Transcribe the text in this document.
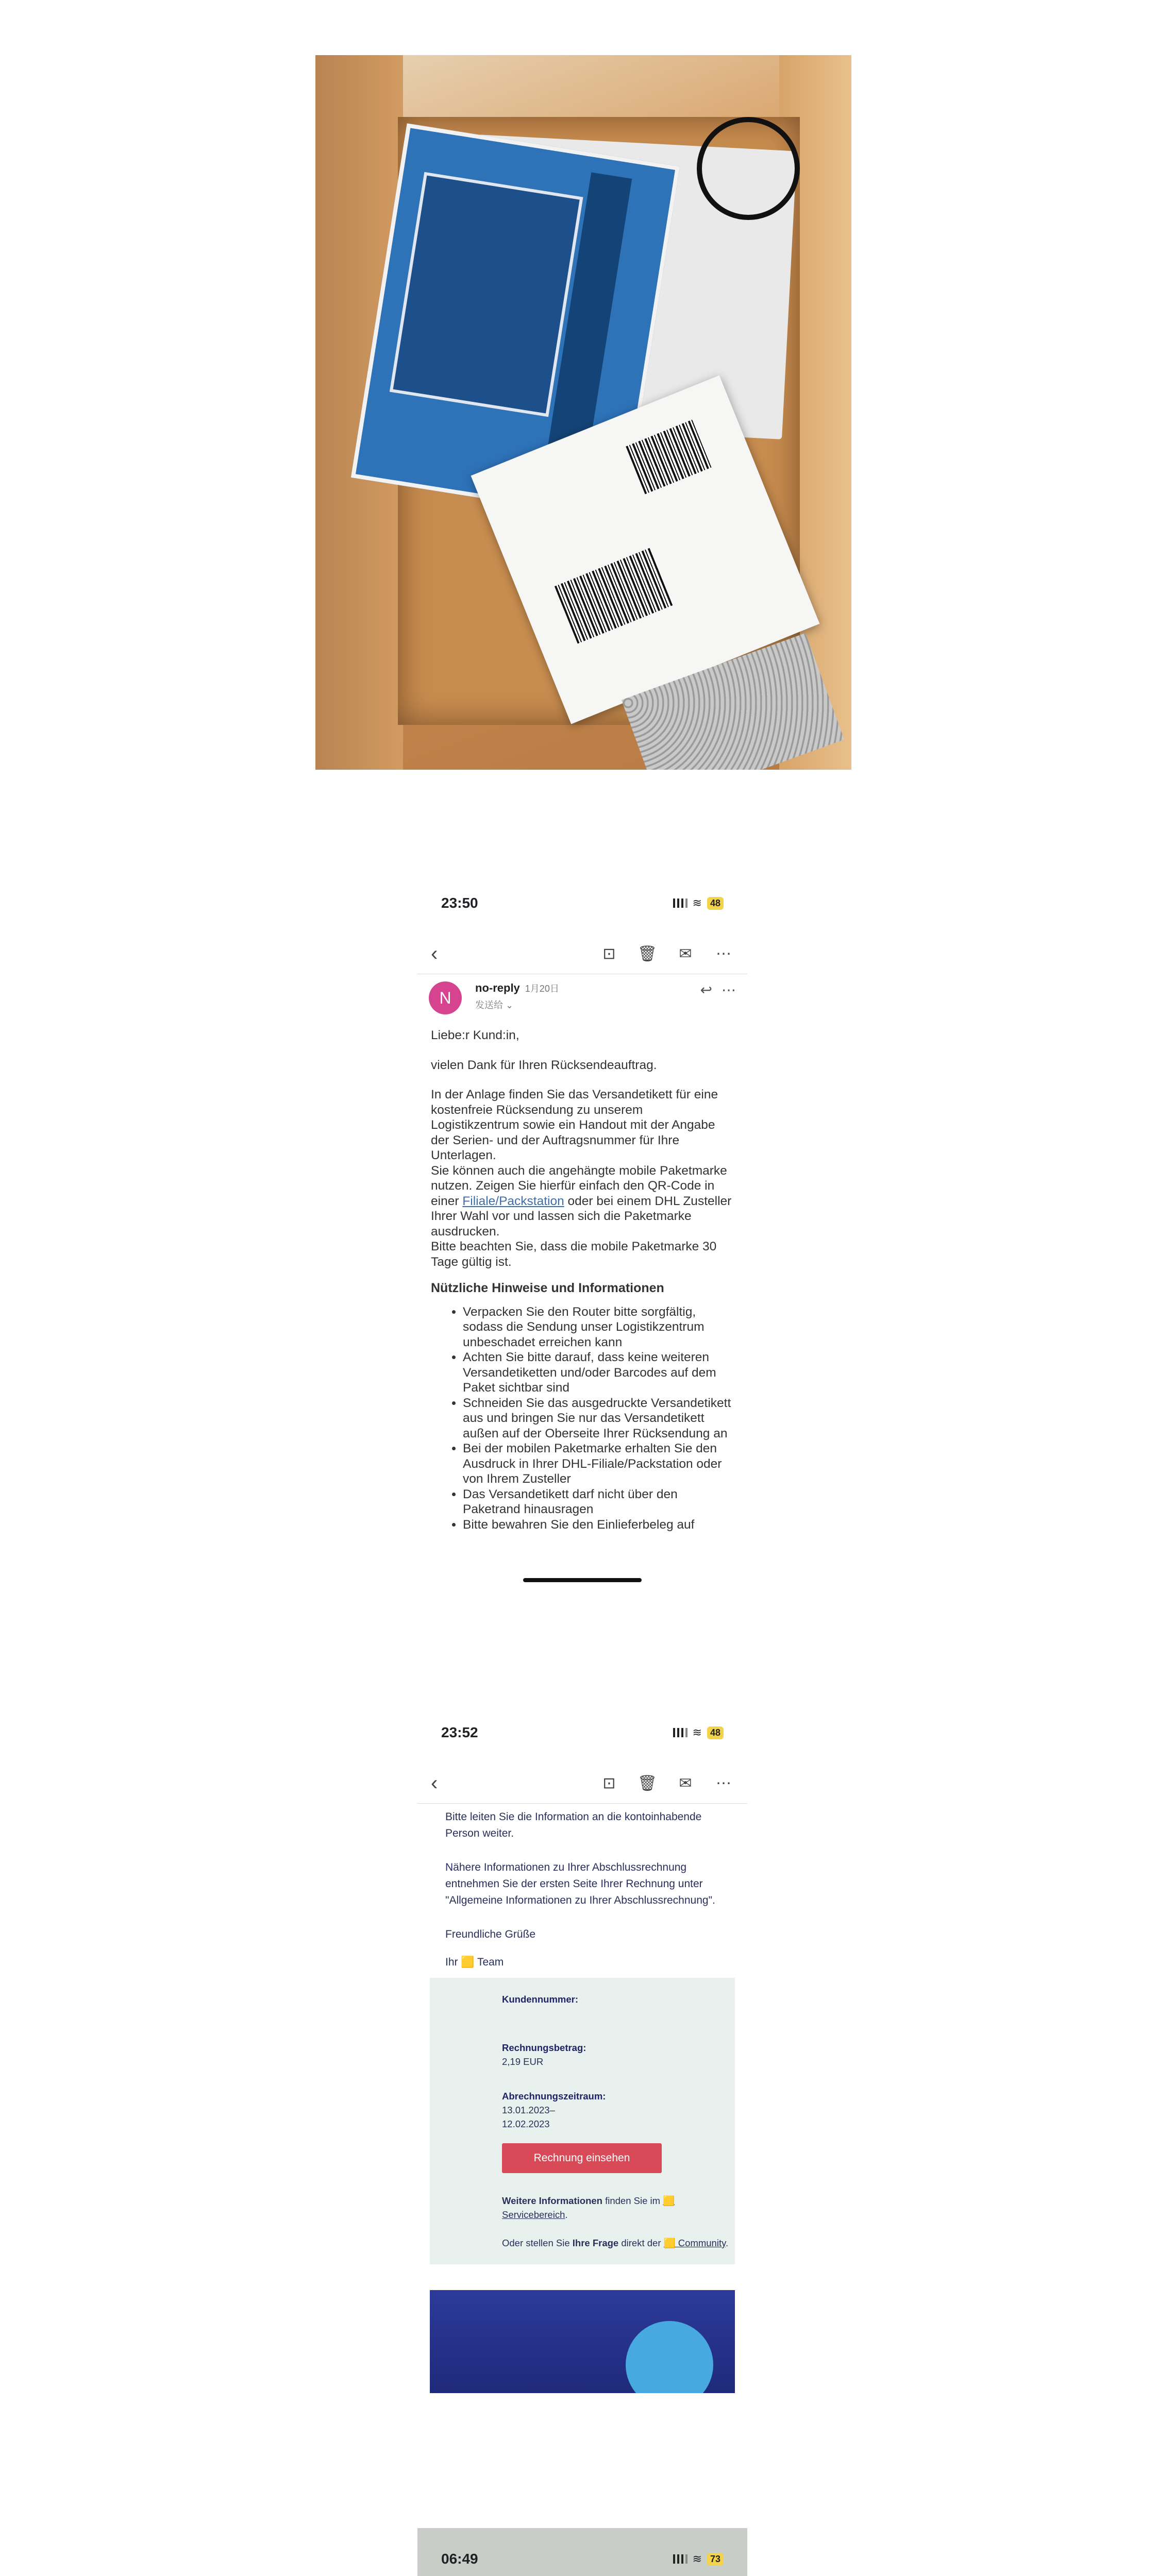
23:50	≋ 48
‹	⊡ 🗑 ✉ ⋯
N
no-reply 1月20日
发送给 ⌄
↩ ⋯

Liebe:r Kund:in,

vielen Dank für Ihren Rücksendeauftrag.

In der Anlage finden Sie das Versandetikett für eine kostenfreie Rücksendung zu unserem Logistikzentrum sowie ein Handout mit der Angabe der Serien- und der Auftragsnummer für Ihre Unterlagen.
Sie können auch die angehängte mobile Paketmarke nutzen. Zeigen Sie hierfür einfach den QR-Code in einer Filiale/Packstation oder bei einem DHL Zusteller Ihrer Wahl vor und lassen sich die Paketmarke ausdrucken.
Bitte beachten Sie, dass die mobile Paketmarke 30 Tage gültig ist.

Nützliche Hinweise und Informationen
• Verpacken Sie den Router bitte sorgfältig, sodass die Sendung unser Logistikzentrum unbeschadet erreichen kann
• Achten Sie bitte darauf, dass keine weiteren Versandetiketten und/oder Barcodes auf dem Paket sichtbar sind
• Schneiden Sie das ausgedruckte Versandetikett aus und bringen Sie nur das Versandetikett außen auf der Oberseite Ihrer Rücksendung an
• Bei der mobilen Paketmarke erhalten Sie den Ausdruck in Ihrer DHL-Filiale/Packstation oder von Ihrem Zusteller
• Das Versandetikett darf nicht über den Paketrand hinausragen
• Bitte bewahren Sie den Einlieferbeleg auf
23:52	≋ 48
‹	⊡ 🗑 ✉ ⋯

Bitte leiten Sie die Information an die kontoinhabende Person weiter.

Nähere Informationen zu Ihrer Abschlussrechnung entnehmen Sie der ersten Seite Ihrer Rechnung unter "Allgemeine Informationen zu Ihrer Abschlussrechnung".

Freundliche Grüße

Ihr 🟨 Team

Kundennummer:

Rechnungsbetrag:
2,19 EUR
Abrechnungszeitraum:
13.01.2023–
12.02.2023
Rechnung einsehen
Weitere Informationen finden Sie im 🟨 Servicebereich.
Oder stellen Sie Ihre Frage direkt der 🟨 Community.
06:49	≋ 73
